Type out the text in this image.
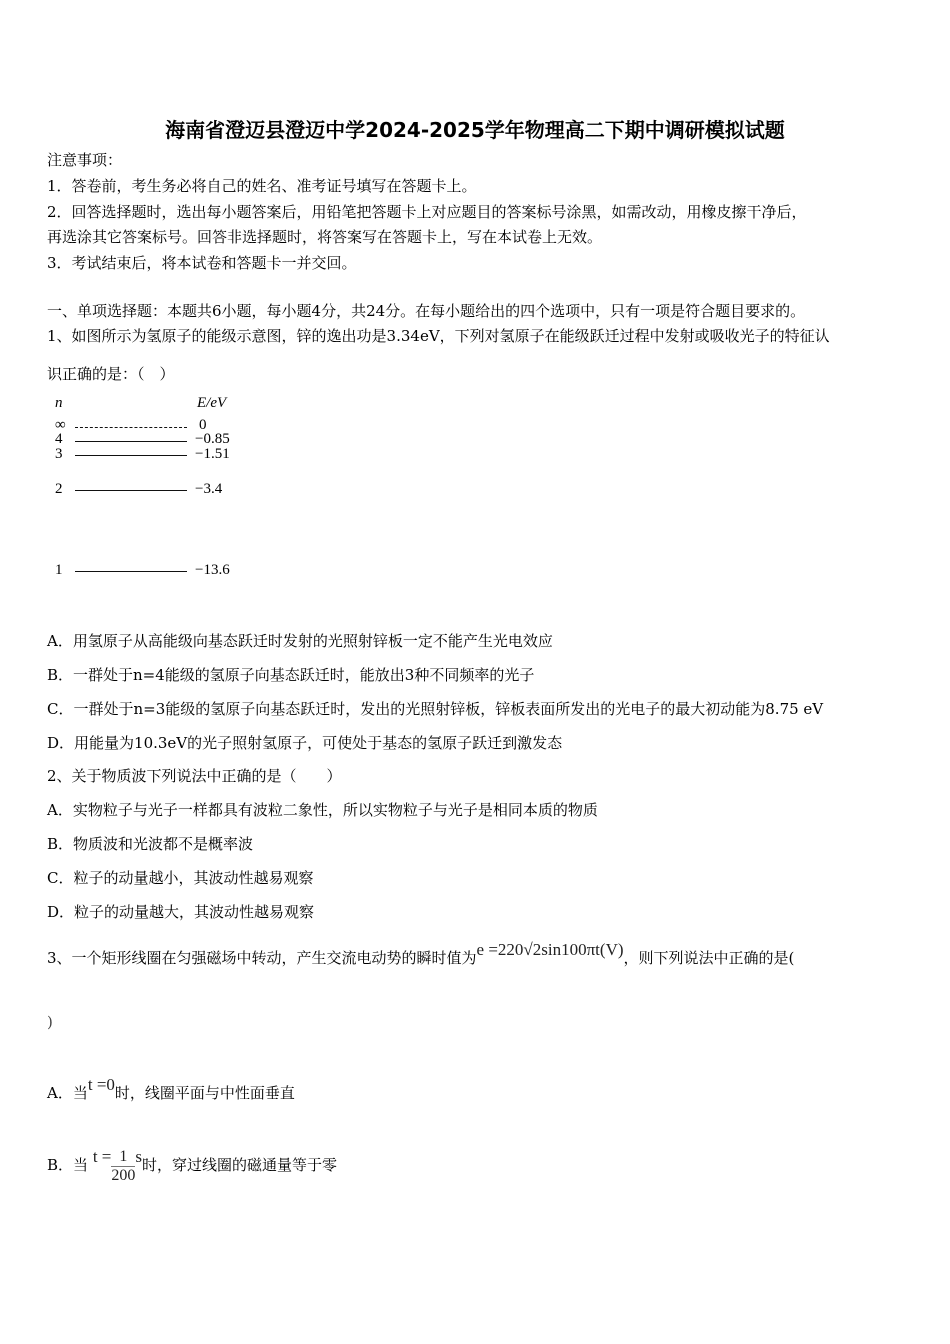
海南省澄迈县澄迈中学2024-2025学年物理高二下期中调研模拟试题
注意事项：
1．答卷前，考生务必将自己的姓名、准考证号填写在答题卡上。
2．回答选择题时，选出每小题答案后，用铅笔把答题卡上对应题目的答案标号涂黑，如需改动，用橡皮擦干净后，
再选涂其它答案标号。回答非选择题时，将答案写在答题卡上，写在本试卷上无效。
3．考试结束后，将本试卷和答题卡一并交回。
一、单项选择题：本题共6小题，每小题4分，共24分。在每小题给出的四个选项中，只有一项是符合题目要求的。
1、如图所示为氢原子的能级示意图，锌的逸出功是3.34eV，下列对氢原子在能级跃迁过程中发射或吸收光子的特征认
识正确的是：（　）
n	E/eV
∞	0
4	−0.85
3	−1.51
2	−3.4
1	−13.6
A．用氢原子从高能级向基态跃迁时发射的光照射锌板一定不能产生光电效应
B．一群处于n=4能级的氢原子向基态跃迁时，能放出3种不同频率的光子
C．一群处于n=3能级的氢原子向基态跃迁时，发出的光照射锌板，锌板表面所发出的光电子的最大初动能为8.75 eV
D．用能量为10.3eV的光子照射氢原子，可使处于基态的氢原子跃迁到激发态
2、关于物质波下列说法中正确的是（　　）
A．实物粒子与光子一样都具有波粒二象性，所以实物粒子与光子是相同本质的物质
B．物质波和光波都不是概率波
C．粒子的动量越小，其波动性越易观察
D．粒子的动量越大，其波动性越易观察
3、一个矩形线圈在匀强磁场中转动，产生交流电动势的瞬时值为e =220√2sin100πt(V)，则下列说法中正确的是(
)
A．当t =0时，线圈平面与中性面垂直
B．当 $t = \frac{1}{200}$ s时，穿过线圈的磁通量等于零
